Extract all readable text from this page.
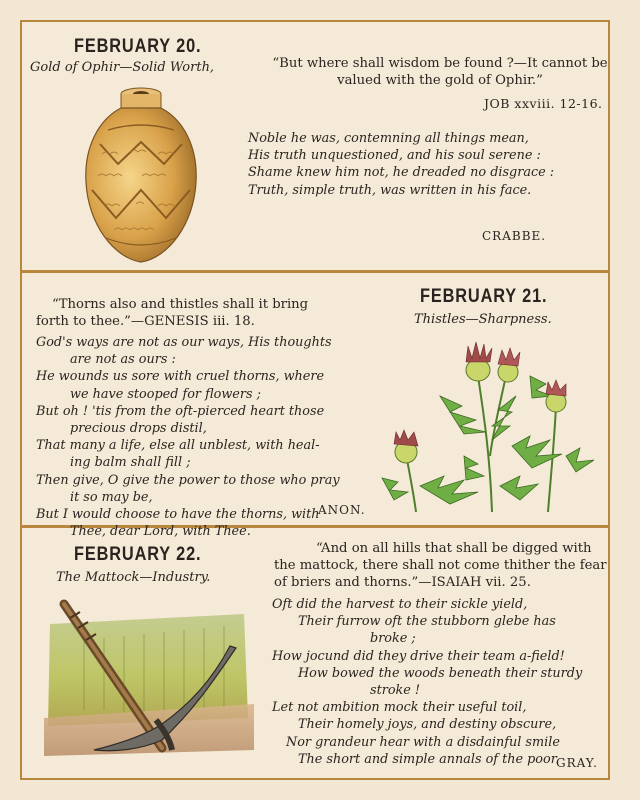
FEBRUARY 20.
Gold of Ophir—Solid Worth,	“But where shall wisdom be found ?—It cannot be valued with the gold of Ophir.”
JOB xxviii. 12-16.
Noble he was, contemning all things mean,
His truth unquestioned, and his soul serene :
Shame knew him not, he dreaded no disgrace :
Truth, simple truth, was written in his face.
CRABBE.
“Thorns also and thistles shall it bring
forth to thee.”—GENESIS iii. 18.
FEBRUARY 21.
Thistles—Sharpness.
God's ways are not as our ways, His thoughts
are not as ours :
He wounds us sore with cruel thorns, where
we have stooped for flowers ;
But oh ! 'tis from the oft-pierced heart those
precious drops distil,
That many a life, else all unblest, with heal-
ing balm shall fill ;
Then give, O give the power to those who pray
it so may be,
But I would choose to have the thorns, with
Thee, dear Lord, with Thee.
ANON.
FEBRUARY 22.
The Mattock—Industry.
“And on all hills that shall be digged with
the mattock, there shall not come thither the fear
of briers and thorns.”—ISAIAH vii. 25.
Oft did the harvest to their sickle yield,
Their furrow oft the stubborn glebe has
broke ;
How jocund did they drive their team a-field!
How bowed the woods beneath their sturdy
stroke !
Let not ambition mock their useful toil,
Their homely joys, and destiny obscure,
Nor grandeur hear with a disdainful smile
The short and simple annals of the poor.
GRAY.
